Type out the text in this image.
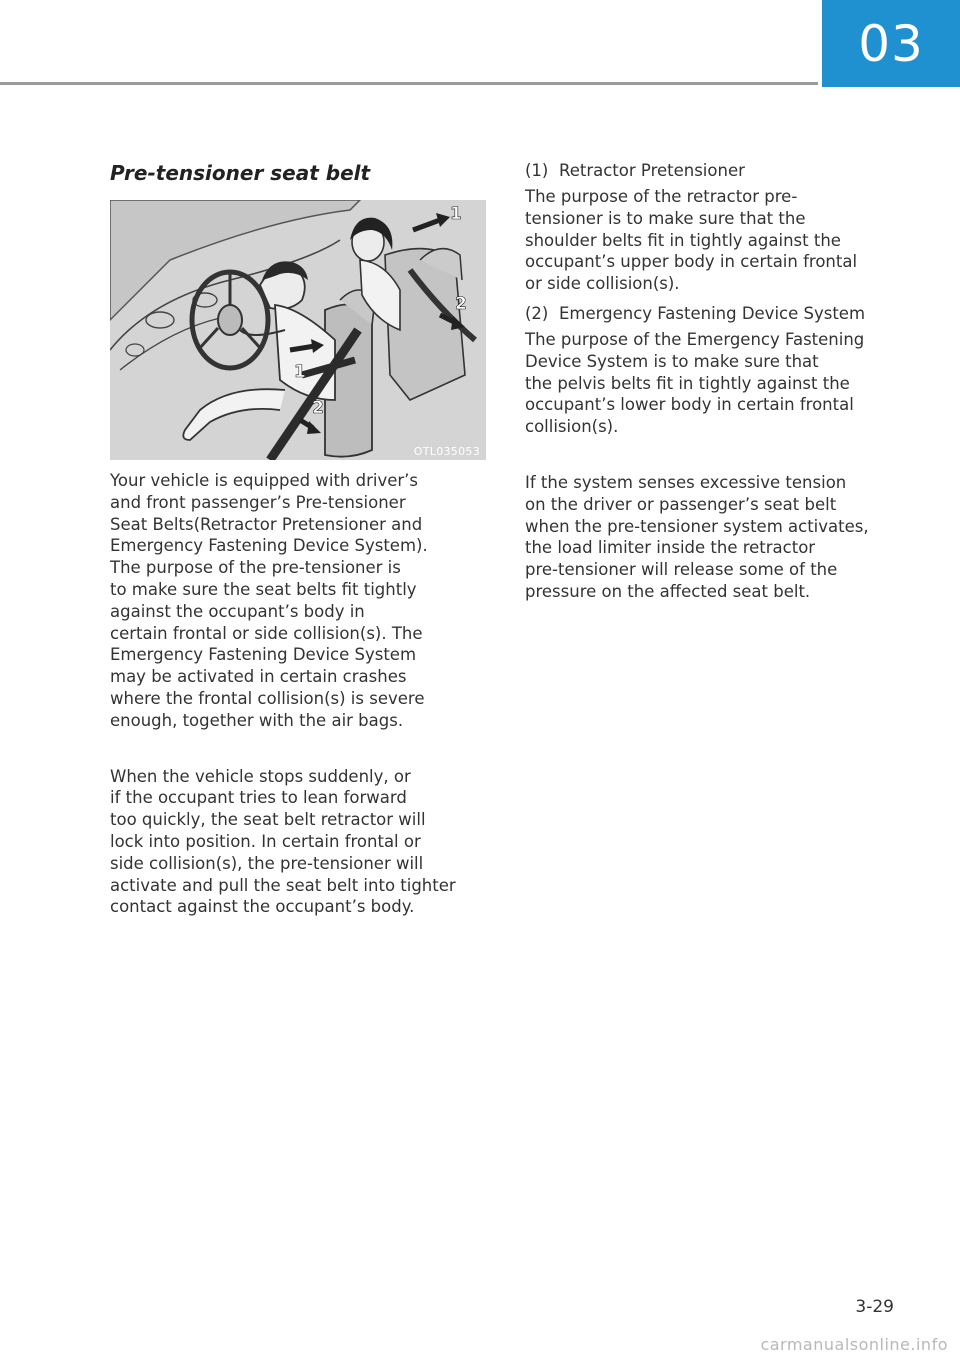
03
Pre-tensioner seat belt
1
2
1
2
OTL035053

Your vehicle is equipped with driver’s
and front passenger’s Pre-tensioner
Seat Belts(Retractor Pretensioner and
Emergency Fastening Device System).
The purpose of the pre-tensioner is
to make sure the seat belts fit tightly
against the occupant’s body in
certain frontal or side collision(s). The
Emergency Fastening Device System
may be activated in certain crashes
where the frontal collision(s) is severe
enough, together with the air bags.

When the vehicle stops suddenly, or
if the occupant tries to lean forward
too quickly, the seat belt retractor will
lock into position. In certain frontal or
side collision(s), the pre-tensioner will
activate and pull the seat belt into tighter
contact against the occupant’s body.

(1) Retractor Pretensioner

The purpose of the retractor pre-
tensioner is to make sure that the
shoulder belts fit in tightly against the
occupant’s upper body in certain frontal
or side collision(s).

(2) Emergency Fastening Device System

The purpose of the Emergency Fastening
Device System is to make sure that
the pelvis belts fit in tightly against the
occupant’s lower body in certain frontal
collision(s).

If the system senses excessive tension
on the driver or passenger’s seat belt
when the pre-tensioner system activates,
the load limiter inside the retractor
pre-tensioner will release some of the
pressure on the affected seat belt.

3-29
carmanualsonline.info
